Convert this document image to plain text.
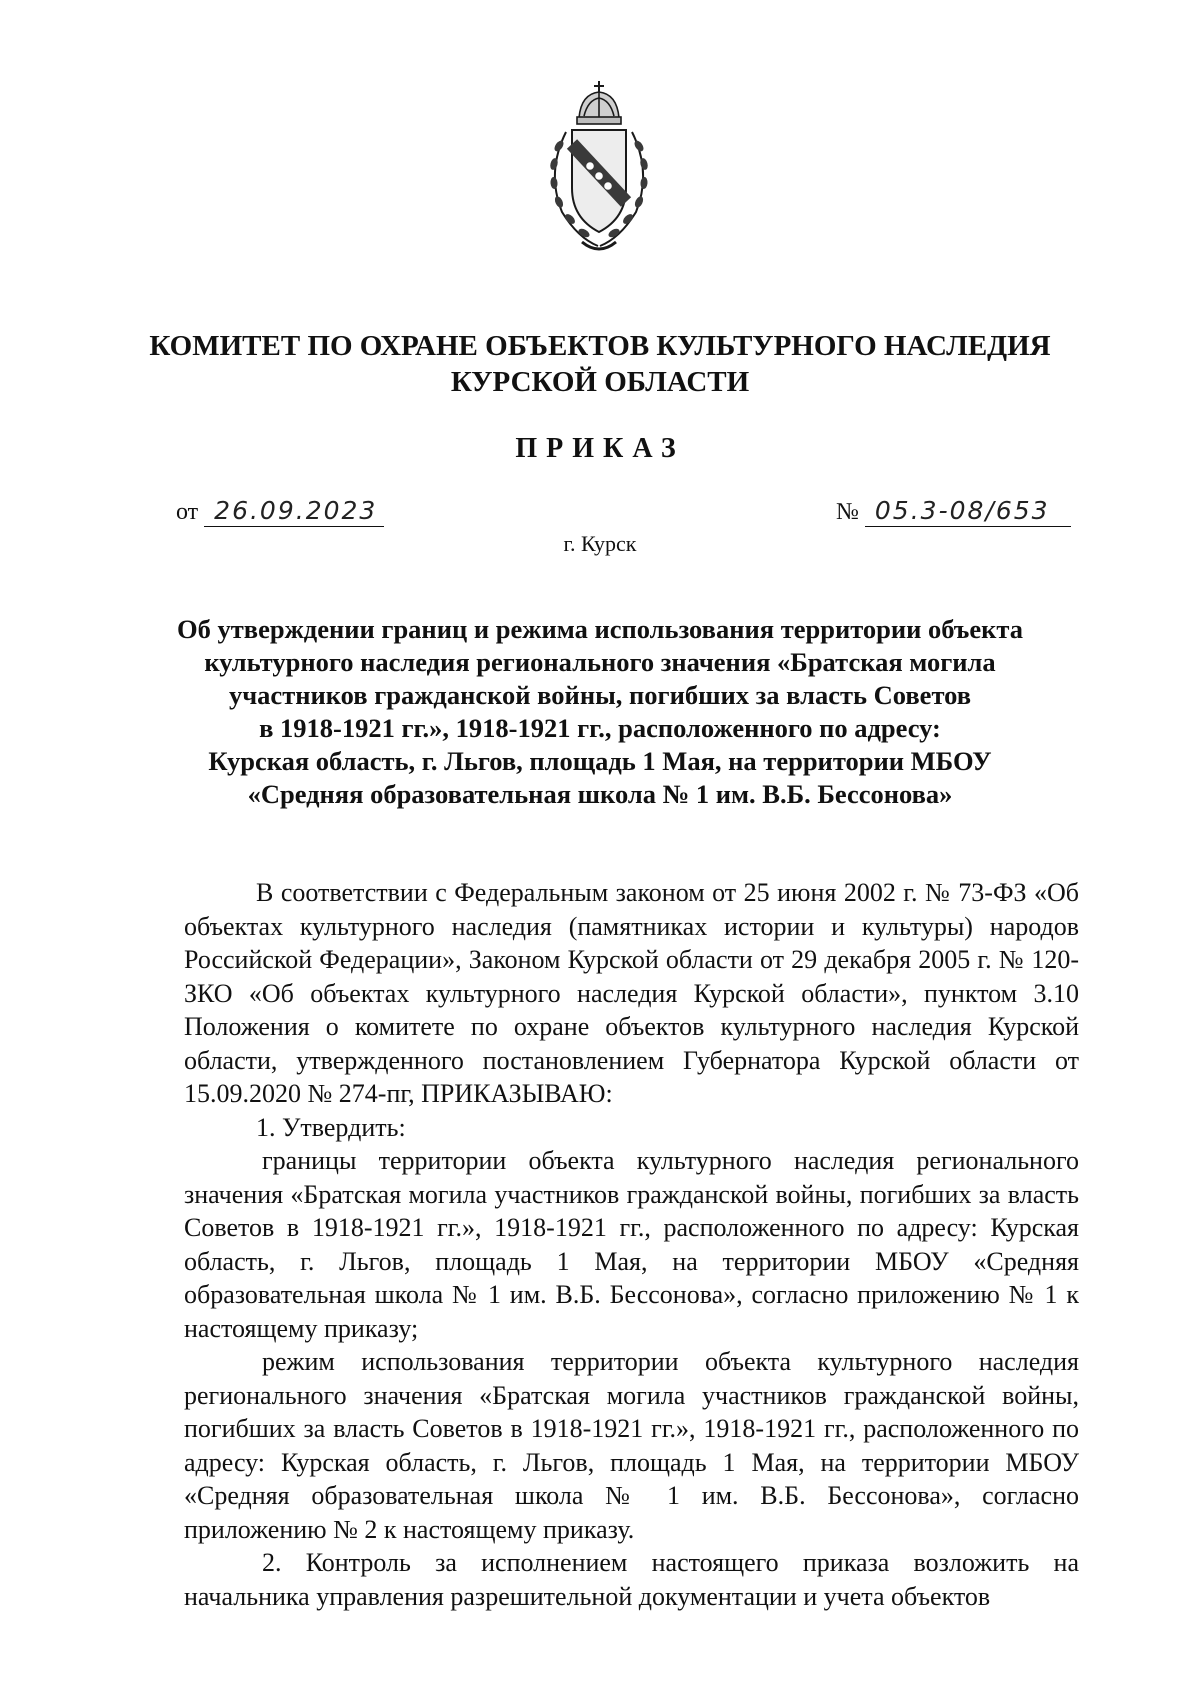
КОМИТЕТ ПО ОХРАНЕ ОБЪЕКТОВ КУЛЬТУРНОГО НАСЛЕДИЯ
КУРСКОЙ ОБЛАСТИ
ПРИКАЗ
от 26.09.2023	№ 05.3-08/653
г. Курск
Об утверждении границ и режима использования территории объекта
культурного наследия регионального значения «Братская могила
участников гражданской войны, погибших за власть Советов
в 1918-1921 гг.», 1918-1921 гг., расположенного по адресу:
Курская область, г. Льгов, площадь 1 Мая, на территории МБОУ
«Средняя образовательная школа № 1 им. В.Б. Бессонова»

В соответствии с Федеральным законом от 25 июня 2002 г. № 73-ФЗ «Об объектах культурного наследия (памятниках истории и культуры) народов Российской Федерации», Законом Курской области от 29 декабря 2005 г. № 120-ЗКО «Об объектах культурного наследия Курской области», пунктом 3.10 Положения о комитете по охране объектов культурного наследия Курской области, утвержденного постановлением Губернатора Курской области от 15.09.2020 № 274-пг, ПРИКАЗЫВАЮ:

1. Утвердить:

границы территории объекта культурного наследия регионального значения «Братская могила участников гражданской войны, погибших за власть Советов в 1918-1921 гг.», 1918-1921 гг., расположенного по адресу: Курская область, г. Льгов, площадь 1 Мая, на территории МБОУ «Средняя образовательная школа № 1 им. В.Б. Бессонова», согласно приложению № 1 к настоящему приказу;

режим использования территории объекта культурного наследия регионального значения «Братская могила участников гражданской войны, погибших за власть Советов в 1918-1921 гг.», 1918-1921 гг., расположенного по адресу: Курская область, г. Льгов, площадь 1 Мая, на территории МБОУ «Средняя образовательная школа № 1 им. В.Б. Бессонова», согласно приложению № 2 к настоящему приказу.

2. Контроль за исполнением настоящего приказа возложить на начальника управления разрешительной документации и учета объектов
